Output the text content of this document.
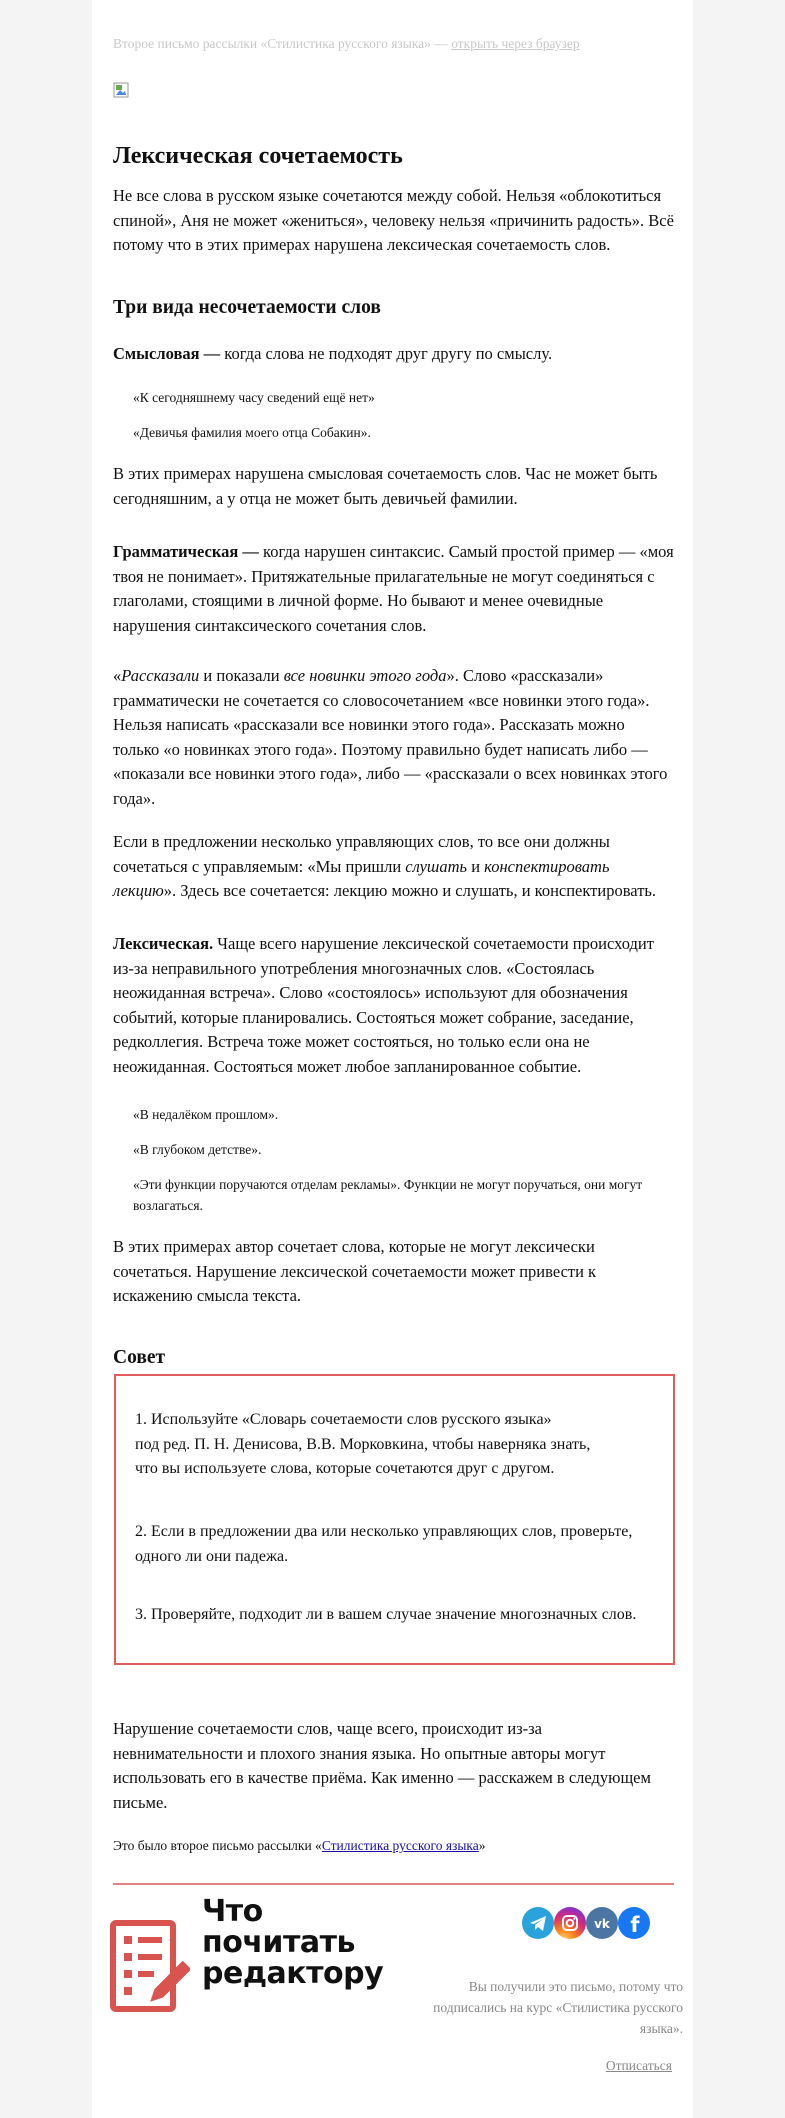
Второе письмо рассылки «Стилистика русского языка» — открыть через браузер
Лексическая сочетаемость

Не все слова в русском языке сочетаются между собой. Нельзя «облокотиться спиной», Аня не может «жениться», человеку нельзя «причинить радость». Всё потому что в этих примерах нарушена лексическая сочетаемость слов.

Три вида несочетаемости слов

Смысловая — когда слова не подходят друг другу по смыслу.

«К сегодняшнему часу сведений ещё нет»
«Девичья фамилия моего отца Собакин».

В этих примерах нарушена смысловая сочетаемость слов. Час не может быть сегодняшним, а у отца не может быть девичьей фамилии.

Грамматическая — когда нарушен синтаксис. Самый простой пример — «моя твоя не понимает». Притяжательные прилагательные не могут соединяться с глаголами, стоящими в личной форме. Но бывают и менее очевидные нарушения синтаксического сочетания слов.

«Рассказали и показали все новинки этого года». Слово «рассказали» грамматически не сочетается со словосочетанием «все новинки этого года». Нельзя написать «рассказали все новинки этого года». Рассказать можно только «о новинках этого года». Поэтому правильно будет написать либо — «показали все новинки этого года», либо — «рассказали о всех новинках этого года».

Если в предложении несколько управляющих слов, то все они должны сочетаться с управляемым: «Мы пришли слушать и конспектировать лекцию». Здесь все сочетается: лекцию можно и слушать, и конспектировать.

Лексическая. Чаще всего нарушение лексической сочетаемости происходит из-за неправильного употребления многозначных слов. «Состоялась неожиданная встреча». Слово «состоялось» используют для обозначения событий, которые планировались. Состояться может собрание, заседание, редколлегия. Встреча тоже может состояться, но только если она не неожиданная. Состояться может любое запланированное событие.

«В недалёком прошлом».
«В глубоком детстве».
«Эти функции поручаются отделам рекламы». Функции не могут поручаться, они могут возлагаться.

В этих примерах автор сочетает слова, которые не могут лексически сочетаться. Нарушение лексической сочетаемости может привести к искажению смысла текста.

Совет
1. Используйте «Словарь сочетаемости слов русского языка»
под ред. П. Н. Денисова, В.В. Морковкина, чтобы наверняка знать,
что вы используете слова, которые сочетаются друг с другом.
2. Если в предложении два или несколько управляющих слов, проверьте, одного ли они падежа.
3. Проверяйте, подходит ли в вашем случае значение многозначных слов.

Нарушение сочетаемости слов, чаще всего, происходит из-за невнимательности и плохого знания языка. Но опытные авторы могут использовать его в качестве приёма. Как именно — расскажем в следующем письме.

Это было второе письмо рассылки «Стилистика русского языка»
Что
почитать
редактору
vk f
Вы получили это письмо, потому что подписались на курс «Стилистика русского языка».
Отписаться
